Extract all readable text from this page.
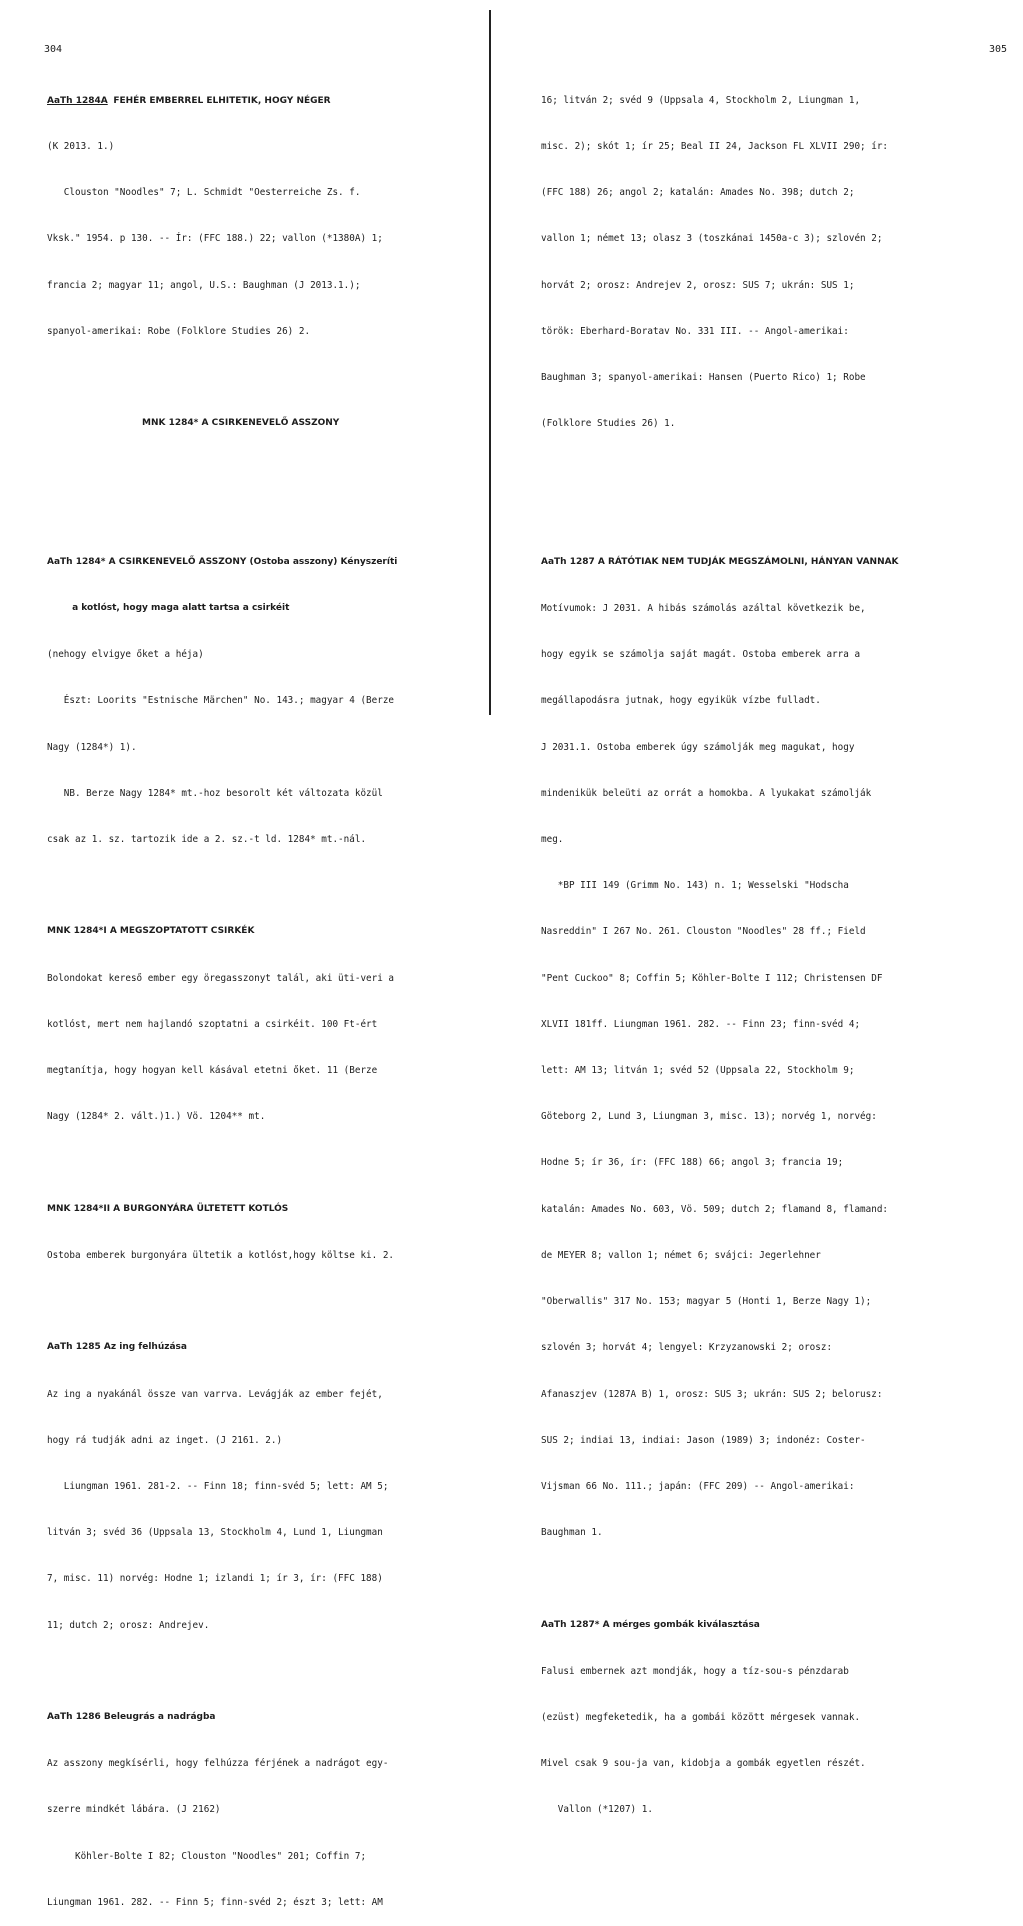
304	305

AaTh 1284A FEHÉR EMBERREL ELHITETIK, HOGY NÉGER

(K 2013. 1.)

Clouston "Noodles" 7; L. Schmidt "Oesterreiche Zs. f.

Vksk." 1954. p 130. -- Ír: (FFC 188.) 22; vallon (*1380A) 1;

francia 2; magyar 11; angol, U.S.: Baughman (J 2013.1.);

spanyol-amerikai: Robe (Folklore Studies 26) 2.

MNK 1284* A CSIRKENEVELŐ ASSZONY

AaTh 1284* A CSIRKENEVELŐ ASSZONY (Ostoba asszony) Kényszeríti

a kotlóst, hogy maga alatt tartsa a csirkéit

(nehogy elvigye őket a héja)

Észt: Loorits "Estnische Märchen" No. 143.; magyar 4 (Berze

Nagy (1284*) 1).

NB. Berze Nagy 1284* mt.-hoz besorolt két változata közül

csak az 1. sz. tartozik ide a 2. sz.-t ld. 1284* mt.-nál.

MNK 1284*I A MEGSZOPTATOTT CSIRKÉK

Bolondokat kereső ember egy öregasszonyt talál, aki üti-veri a

kotlóst, mert nem hajlandó szoptatni a csirkéit. 100 Ft-ért

megtanítja, hogy hogyan kell kásával etetni őket. 11 (Berze

Nagy (1284* 2. vált.)1.) Vö. 1204** mt.

MNK 1284*II A BURGONYÁRA ÜLTETETT KOTLÓS

Ostoba emberek burgonyára ültetik a kotlóst,hogy költse ki. 2.

AaTh 1285 Az ing felhúzása

Az ing a nyakánál össze van varrva. Levágják az ember fejét,

hogy rá tudják adni az inget. (J 2161. 2.)

Liungman 1961. 281-2. -- Finn 18; finn-svéd 5; lett: AM 5;

litván 3; svéd 36 (Uppsala 13, Stockholm 4, Lund 1, Liungman

7, misc. 11) norvég: Hodne 1; izlandi 1; ír 3, ír: (FFC 188)

11; dutch 2; orosz: Andrejev.

AaTh 1286 Beleugrás a nadrágba

Az asszony megkísérli, hogy felhúzza férjének a nadrágot egy-

szerre mindkét lábára. (J 2162)

Köhler-Bolte I 82; Clouston "Noodles" 201; Coffin 7;

Liungman 1961. 282. -- Finn 5; finn-svéd 2; észt 3; lett: AM

16; litván 2; svéd 9 (Uppsala 4, Stockholm 2, Liungman 1,

misc. 2); skót 1; ír 25; Beal II 24, Jackson FL XLVII 290; ír:

(FFC 188) 26; angol 2; katalán: Amades No. 398; dutch 2;

vallon 1; német 13; olasz 3 (toszkánai 1450a-c 3); szlovén 2;

horvát 2; orosz: Andrejev 2, orosz: SUS 7; ukrán: SUS 1;

török: Eberhard-Boratav No. 331 III. -- Angol-amerikai:

Baughman 3; spanyol-amerikai: Hansen (Puerto Rico) 1; Robe

(Folklore Studies 26) 1.

AaTh 1287 A RÁTÓTIAK NEM TUDJÁK MEGSZÁMOLNI, HÁNYAN VANNAK

Motívumok: J 2031. A hibás számolás azáltal következik be,

hogy egyik se számolja saját magát. Ostoba emberek arra a

megállapodásra jutnak, hogy egyikük vízbe fulladt.

J 2031.1. Ostoba emberek úgy számolják meg magukat, hogy

mindenikük beleüti az orrát a homokba. A lyukakat számolják

meg.

*BP III 149 (Grimm No. 143) n. 1; Wesselski "Hodscha

Nasreddin" I 267 No. 261. Clouston "Noodles" 28 ff.; Field

"Pent Cuckoo" 8; Coffin 5; Köhler-Bolte I 112; Christensen DF

XLVII 181ff. Liungman 1961. 282. -- Finn 23; finn-svéd 4;

lett: AM 13; litván 1; svéd 52 (Uppsala 22, Stockholm 9;

Göteborg 2, Lund 3, Liungman 3, misc. 13); norvég 1, norvég:

Hodne 5; ír 36, ír: (FFC 188) 66; angol 3; francia 19;

katalán: Amades No. 603, Vö. 509; dutch 2; flamand 8, flamand:

de MEYER 8; vallon 1; német 6; svájci: Jegerlehner

"Oberwallis" 317 No. 153; magyar 5 (Honti 1, Berze Nagy 1);

szlovén 3; horvát 4; lengyel: Krzyzanowski 2; orosz:

Afanaszjev (1287A B) 1, orosz: SUS 3; ukrán: SUS 2; belorusz:

SUS 2; indiai 13, indiai: Jason (1989) 3; indonéz: Coster-

Vijsman 66 No. 111.; japán: (FFC 209) -- Angol-amerikai:

Baughman 1.

AaTh 1287* A mérges gombák kiválasztása

Falusi embernek azt mondják, hogy a tíz-sou-s pénzdarab

(ezüst) megfeketedik, ha a gombái között mérgesek vannak.

Mivel csak 9 sou-ja van, kidobja a gombák egyetlen részét.

Vallon (*1207) 1.
